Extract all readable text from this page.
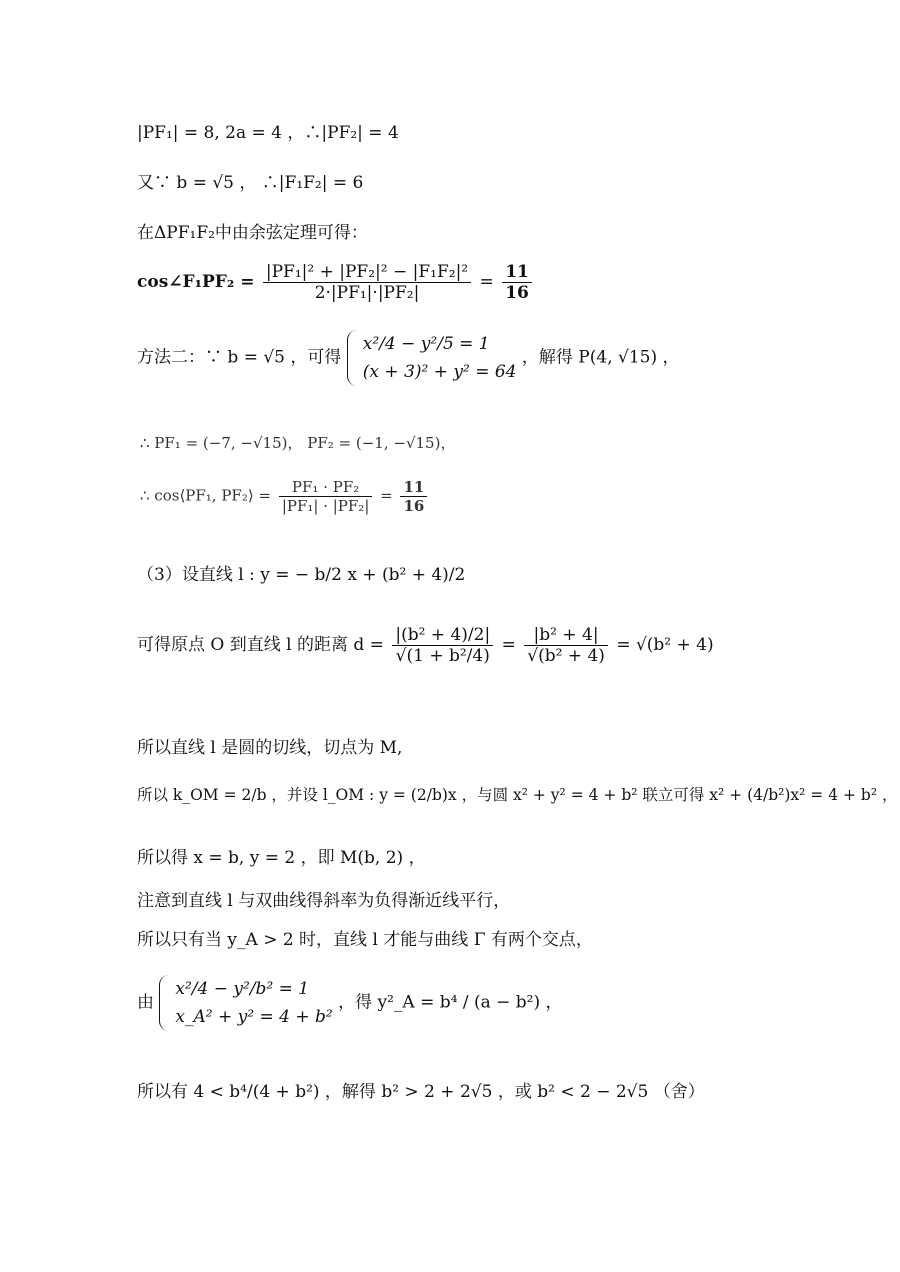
|PF₁| = 8, 2a = 4 ，∴|PF₂| = 4
又∵ b = √5 ， ∴|F₁F₂| = 6
在ΔPF₁F₂中由余弦定理可得：
cos∠F₁PF₂ = $\frac{\text{|PF₁|² + |PF₂|² − |F₁F₂|²}}{\text{2·|PF₁|·|PF₂|}} = \frac{11}{16}$
方法二：∵ b = √5 ，可得
x²/4 − y²/5 = 1
(x + 3)² + y² = 64
，解得 P(4, √15) ，
∴ PF₁ = (−7, −√15)， PF₂ = (−1, −√15)，
∴ cos⟨PF₁, PF₂⟩ = $\frac{\text{PF₁ · PF₂}}{\text{|PF₁| · |PF₂|}} = \frac{11}{16}$
（3）设直线 l : y = − b/2 x + (b² + 4)/2
可得原点 O 到直线 l 的距离 $d = \frac{\text{|(b² + 4)/2|}}{\text{√(1 + b²/4)}} = \frac{\text{|b² + 4|}}{\text{√(b² + 4)}} = √(b^2 + 4)$
所以直线 l 是圆的切线，切点为 M,
所以 k_OM = 2/b ，并设 l_OM : y = (2/b)x ，与圆 x² + y² = 4 + b² 联立可得 x² + (4/b²)x² = 4 + b² ，
所以得 x = b, y = 2 ，即 M(b, 2) ，
注意到直线 l 与双曲线得斜率为负得渐近线平行，
所以只有当 y_A > 2 时，直线 l 才能与曲线 Γ 有两个交点，
由
x²/4 − y²/b² = 1
x_A² + y² = 4 + b²
，得 y²_A = b⁴ / (a − b²) ，
所以有 4 < b⁴/(4 + b²) ，解得 b² > 2 + 2√5 ，或 b² < 2 − 2√5 （舍）
